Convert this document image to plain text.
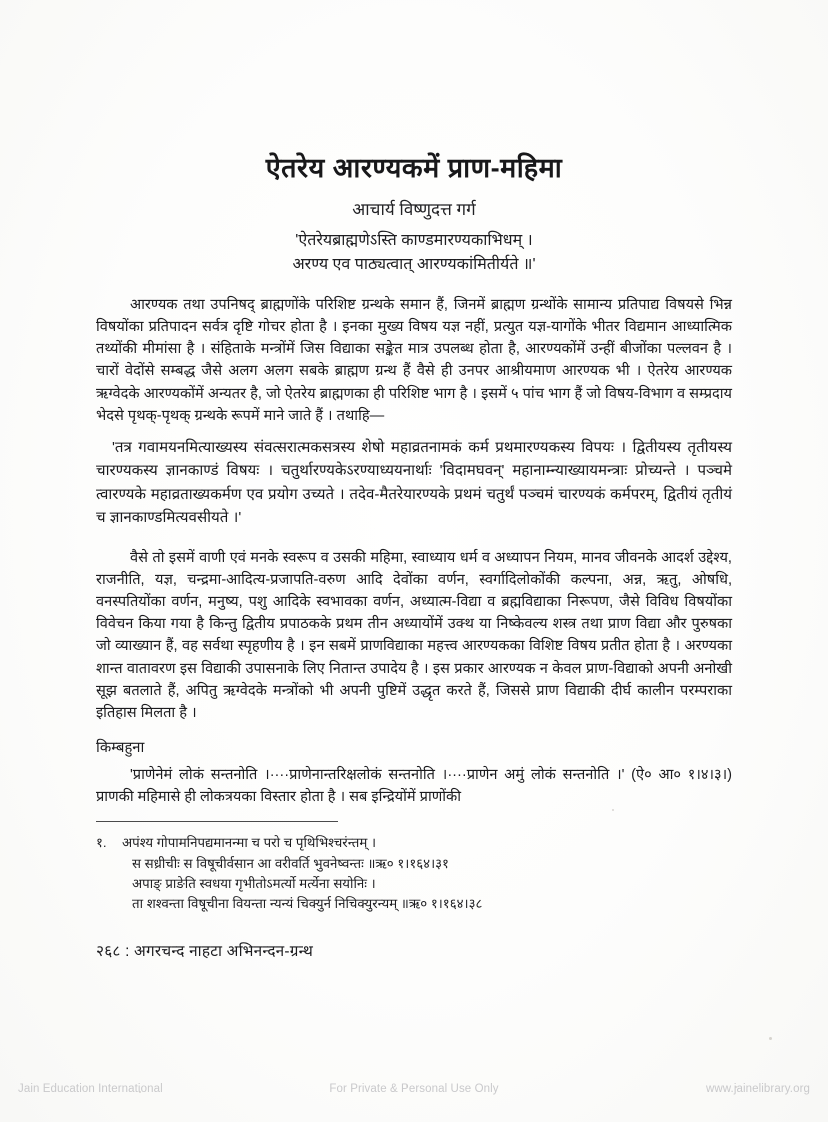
ऐतरेय आरण्यकमें प्राण-महिमा
आचार्य विष्णुदत्त गर्ग
'ऐतरेयब्राह्मणेऽस्ति काण्डमारण्यकाभिधम् ।
अरण्य एव पाठ्यत्वात् आरण्यकांमितीर्यते ॥'

आरण्यक तथा उपनिषद् ब्राह्मणोंके परिशिष्ट ग्रन्थके समान हैं, जिनमें ब्राह्मण ग्रन्थोंके सामान्य प्रतिपाद्य विषयसे भिन्न विषयोंका प्रतिपादन सर्वत्र दृष्टि गोचर होता है । इनका मुख्य विषय यज्ञ नहीं, प्रत्युत यज्ञ-यागोंके भीतर विद्यमान आध्यात्मिक तथ्योंकी मीमांसा है । संहिताके मन्त्रोंमें जिस विद्याका सङ्केत मात्र उपलब्ध होता है, आरण्यकोंमें उन्हीं बीजोंका पल्लवन है । चारों वेदोंसे सम्बद्ध जैसे अलग अलग सबके ब्राह्मण ग्रन्थ हैं वैसे ही उनपर आश्रीयमाण आरण्यक भी । ऐतरेय आरण्यक ऋग्वेदके आरण्यकोंमें अन्यतर है, जो ऐतरेय ब्राह्मणका ही परिशिष्ट भाग है । इसमें ५ पांच भाग हैं जो विषय-विभाग व सम्प्रदाय भेदसे पृथक्-पृथक् ग्रन्थके रूपमें माने जाते हैं । तथाहि—

'तत्र गवामयनमित्याख्यस्य संवत्सरात्मकसत्रस्य शेषो महाव्रतनामकं कर्म प्रथमारण्यकस्य विपयः । द्वितीयस्य तृतीयस्य चारण्यकस्य ज्ञानकाण्डं विषयः । चतुर्थारण्यकेऽरण्याध्ययनार्थाः 'विदामघवन्' महानाम्न्याख्यायमन्त्राः प्रोच्यन्ते । पञ्चमे त्वारण्यके महाव्रताख्यकर्मण एव प्रयोग उच्यते । तदेव-मैतरेयारण्यके प्रथमं चतुर्थं पञ्चमं चारण्यकं कर्मपरम्, द्वितीयं तृतीयं च ज्ञानकाण्डमित्यवसीयते ।'

वैसे तो इसमें वाणी एवं मनके स्वरूप व उसकी महिमा, स्वाध्याय धर्म व अध्यापन नियम, मानव जीवनके आदर्श उद्देश्य, राजनीति, यज्ञ, चन्द्रमा-आदित्य-प्रजापति-वरुण आदि देवोंका वर्णन, स्वर्गादिलोकोंकी कल्पना, अन्न, ऋतु, ओषधि, वनस्पतियोंका वर्णन, मनुष्य, पशु आदिके स्वभावका वर्णन, अध्यात्म-विद्या व ब्रह्मविद्याका निरूपण, जैसे विविध विषयोंका विवेचन किया गया है किन्तु द्वितीय प्रपाठकके प्रथम तीन अध्यायोंमें उक्थ या निष्केवल्य शस्त्र तथा प्राण विद्या और पुरुषका जो व्याख्यान हैं, वह सर्वथा स्पृहणीय है । इन सबमें प्राणविद्याका महत्त्व आरण्यकका विशिष्ट विषय प्रतीत होता है । अरण्यका शान्त वातावरण इस विद्याकी उपासनाके लिए नितान्त उपादेय है । इस प्रकार आरण्यक न केवल प्राण-विद्याको अपनी अनोखी सूझ बतलाते हैं, अपितु ऋग्वेदके मन्त्रोंको भी अपनी पुष्टिमें उद्धृत करते हैं, जिससे प्राण विद्याकी दीर्घ कालीन परम्पराका इतिहास मिलता है ।

किम्बहुना

'प्राणेनेमं लोकं सन्तनोति ।····प्राणेनान्तरिक्षलोकं सन्तनोति ।····प्राणेन अमुं लोकं सन्तनोति ।' (ऐ० आ० १।४।३।) प्राणकी महिमासे ही लोकत्रयका विस्तार होता है । सब इन्द्रियोंमें प्राणोंकी

१.	अपंश्य गोपामनिपद्यमानन्मा च परो च पृथिभिश्चरंन्तम् ।
स सध्रीचीः स विषूचीर्वसान आ वरीवर्ति भुवनेष्वन्तः ॥ऋ० १।१६४।३१
अपाङ् प्राङेति स्वधया गृभीतोऽमर्त्यो मर्त्येना सयोनिः ।
ता शश्वन्ता विषूचीना वियन्ता न्यन्यं चिक्युर्न निचिक्युरन्यम् ॥ऋ० १।१६४।३८
२६८ : अगरचन्द नाहटा अभिनन्दन-ग्रन्थ
Jain Education International	For Private & Personal Use Only	www.jainelibrary.org
